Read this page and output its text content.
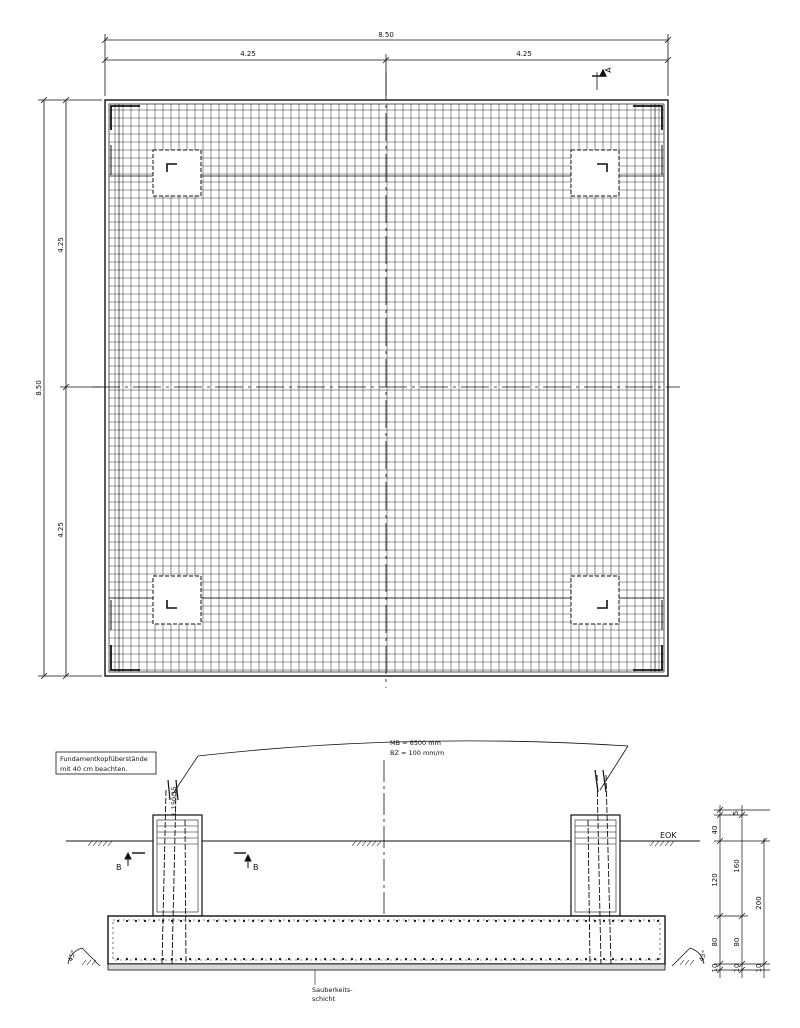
8.50
4.25	4.25
8.50
4.25
4.25
A
Fundamentkopfüberstände
mit 40 cm beachten.
MB = 6500 mm
BZ = 100 mm/m
L 150/15
EOK
B	B
Sauberkeits-
schicht
45°	45°
5
40
120
80
10
160
80
10
200
10
